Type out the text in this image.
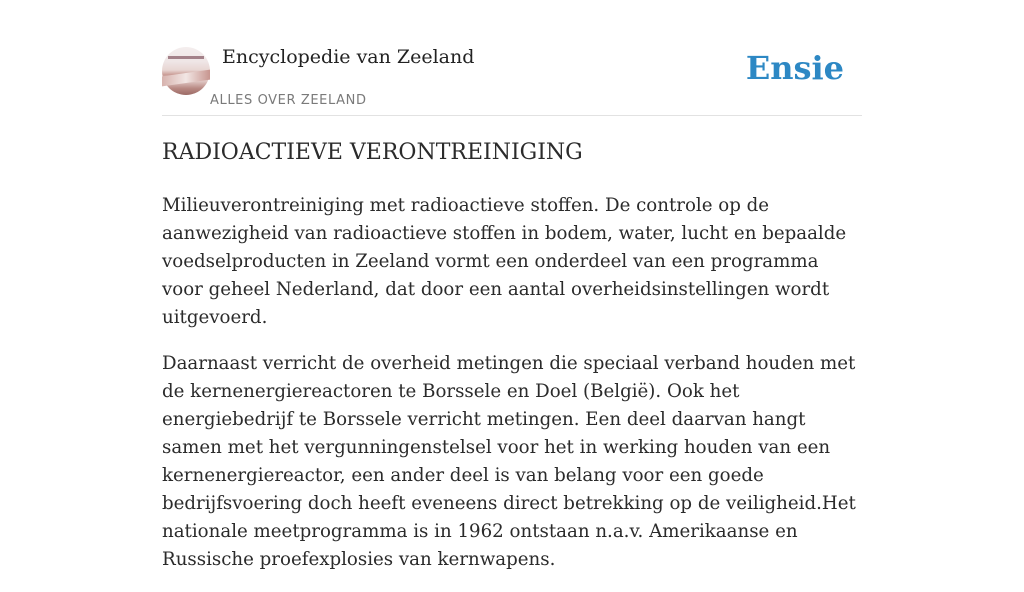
Encyclopedie van Zeeland
ALLES OVER ZEELAND
Ensie
RADIOACTIEVE VERONTREINIGING

Milieuverontreiniging met radioactieve stoffen. De controle op de aanwezigheid van radioactieve stoffen in bodem, water, lucht en bepaalde voedselproducten in Zeeland vormt een onderdeel van een programma voor geheel Nederland, dat door een aantal overheidsinstellingen wordt uitgevoerd.

Daarnaast verricht de overheid metingen die speciaal verband houden met de kernenergiereactoren te Borssele en Doel (België). Ook het energiebedrijf te Borssele verricht metingen. Een deel daarvan hangt samen met het vergunningenstelsel voor het in werking houden van een kernenergiereactor, een ander deel is van belang voor een goede bedrijfsvoering doch heeft eveneens direct betrekking op de veiligheid.Het nationale meetprogramma is in 1962 ontstaan n.a.v. Amerikaanse en Russische proefexplosies van kernwapens.
